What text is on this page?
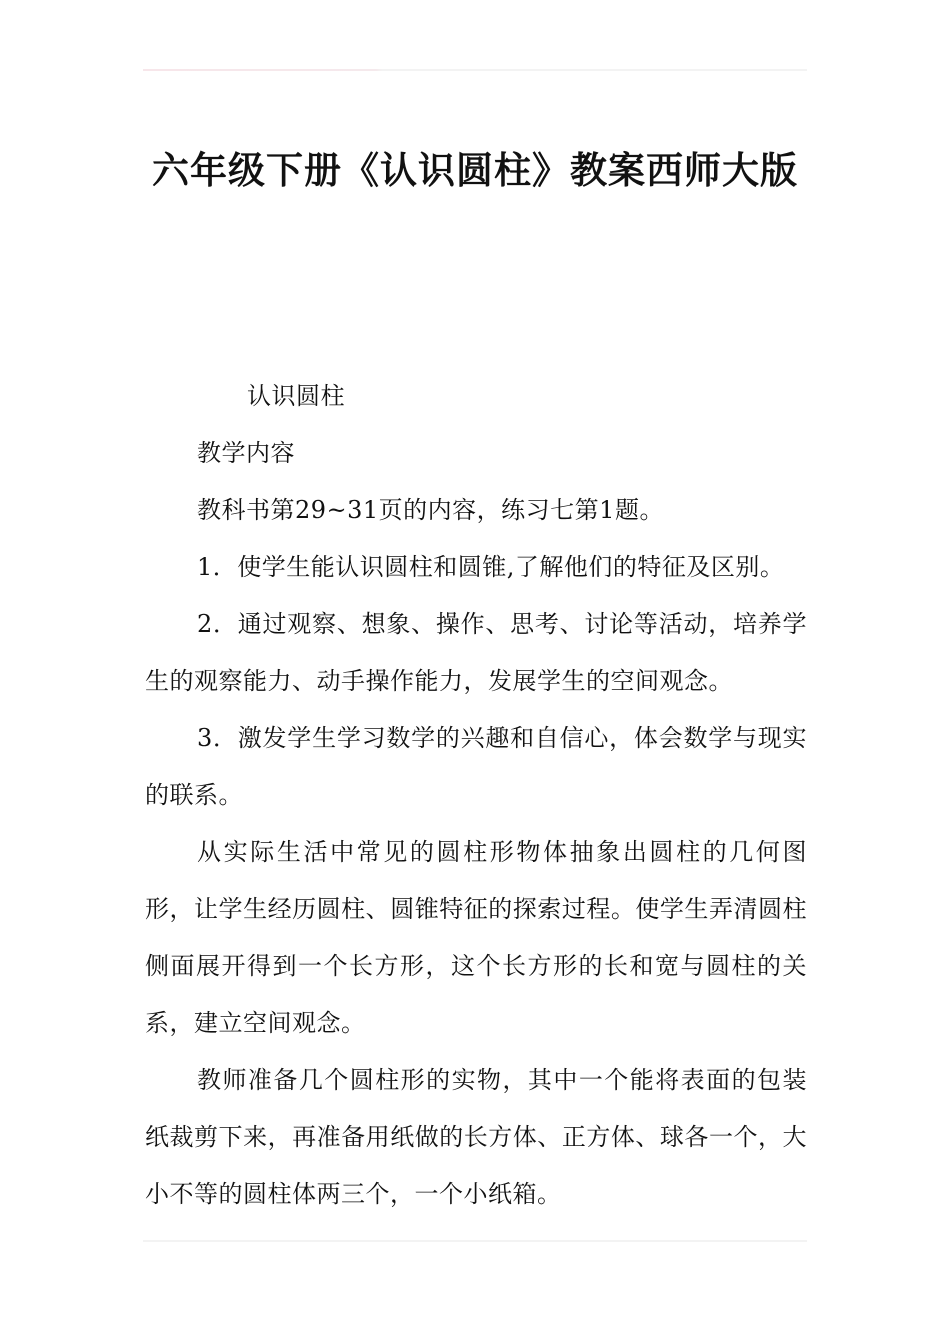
六年级下册《认识圆柱》教案西师大版

认识圆柱

教学内容

教科书第29~31页的内容，练习七第1题。

1．使学生能认识圆柱和圆锥,了解他们的特征及区别。

2．通过观察、想象、操作、思考、讨论等活动，培养学生的观察能力、动手操作能力，发展学生的空间观念。

3．激发学生学习数学的兴趣和自信心，体会数学与现实的联系。

从实际生活中常见的圆柱形物体抽象出圆柱的几何图形，让学生经历圆柱、圆锥特征的探索过程。使学生弄清圆柱侧面展开得到一个长方形，这个长方形的长和宽与圆柱的关系，建立空间观念。

教师准备几个圆柱形的实物，其中一个能将表面的包装纸裁剪下来，再准备用纸做的长方体、正方体、球各一个，大小不等的圆柱体两三个，一个小纸箱。
